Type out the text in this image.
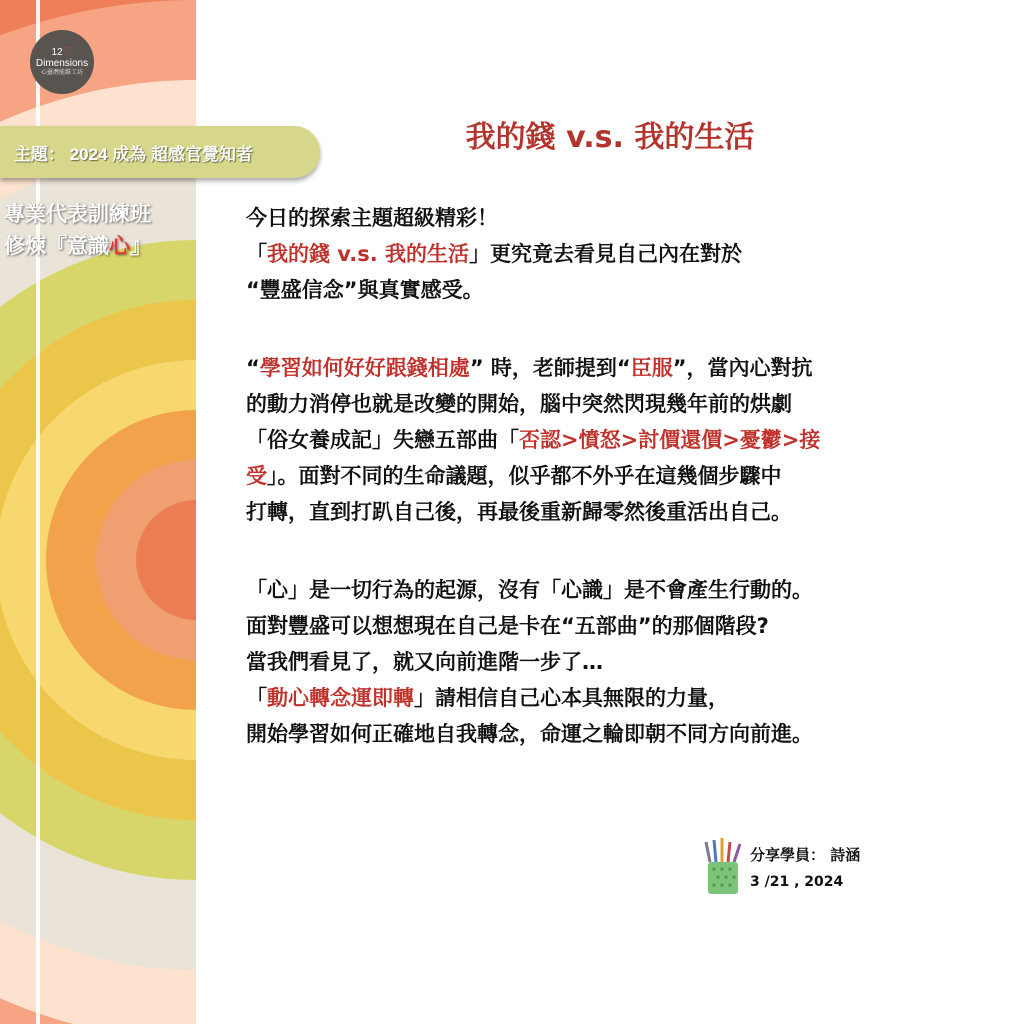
12♡
Dimensions
心靈潛能維工坊
主題： 2024 成為 超感官覺知者
專業代表訓練班
修煉『意識心』
我的錢 v.s. 我的生活

今日的探索主題超級精彩！

「我的錢 v.s. 我的生活」更究竟去看見自己內在對於

“豐盛信念”與真實感受。

“學習如何好好跟錢相處” 時，老師提到“臣服”，當內心對抗

的動力消停也就是改變的開始，腦中突然閃現幾年前的烘劇

「俗女養成記」失戀五部曲「否認>憤怒>討價還價>憂鬱>接

受」。面對不同的生命議題，似乎都不外乎在這幾個步驟中

打轉，直到打趴自己後，再最後重新歸零然後重活出自己。

「心」是一切行為的起源，沒有「心識」是不會產生行動的。

面對豐盛可以想想現在自己是卡在“五部曲”的那個階段?

當我們看見了，就又向前進階一步了…

「動心轉念運即轉」請相信自己心本具無限的力量，

開始學習如何正確地自我轉念，命運之輪即朝不同方向前進。

分享學員： 詩涵
3 /21 , 2024
